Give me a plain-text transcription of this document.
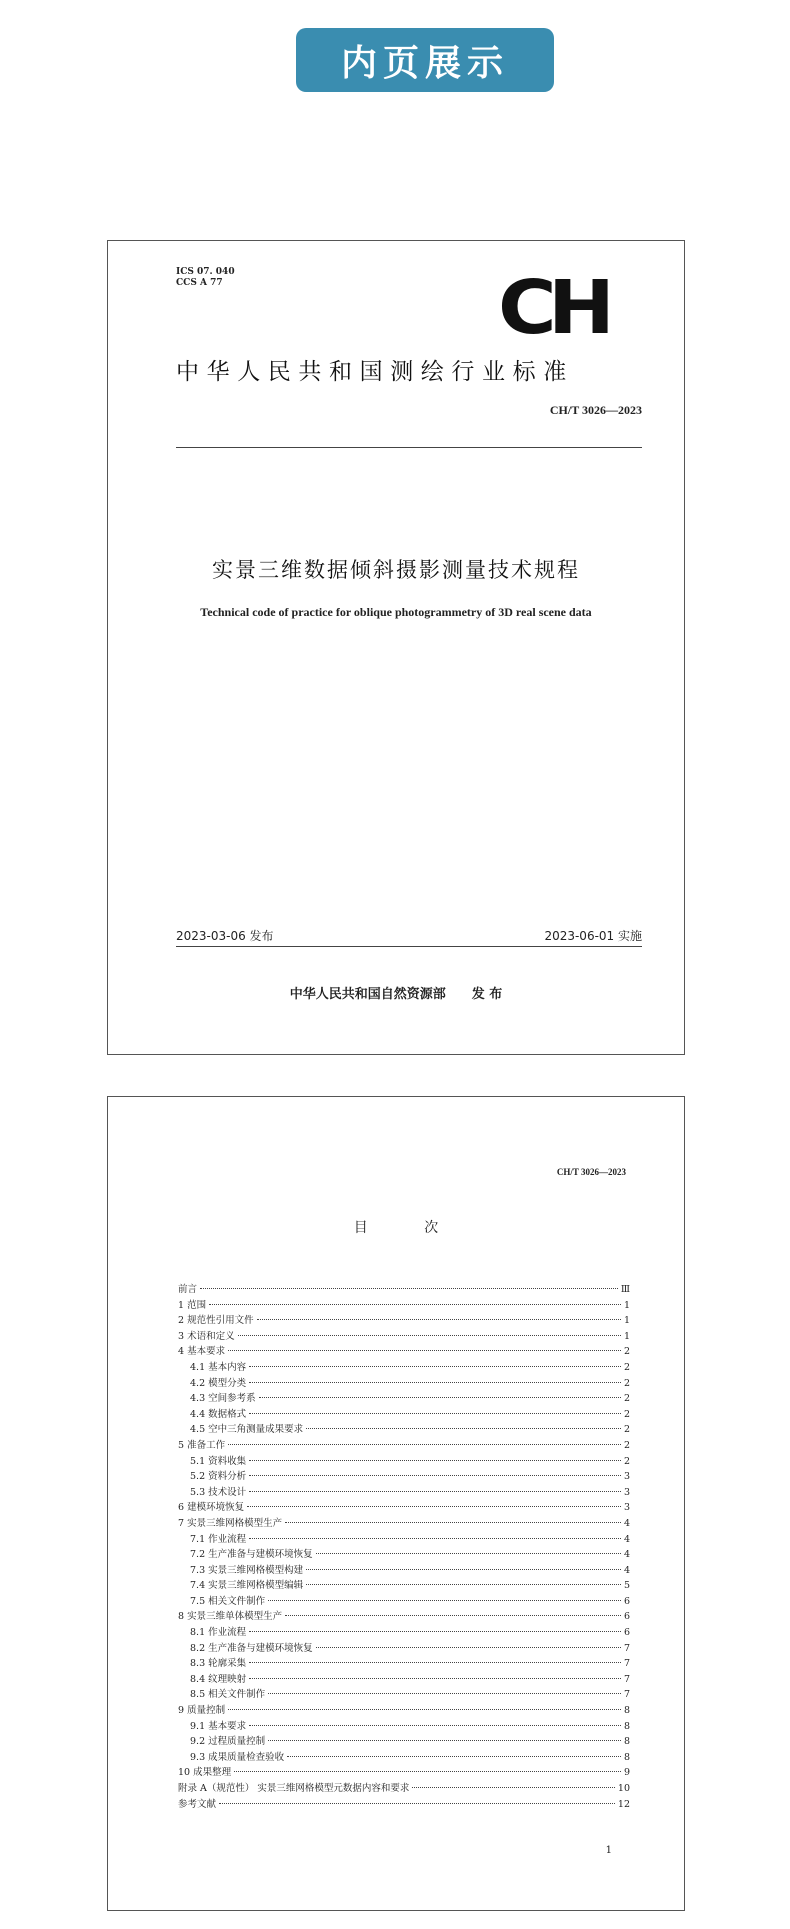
内页展示
ICS 07. 040
CCS A 77	CH
中华人民共和国测绘行业标准
CH/T 3026—2023
实景三维数据倾斜摄影测量技术规程
Technical code of practice for oblique photogrammetry of 3D real scene data
2023-03-06 发布	2023-06-01 实施
中华人民共和国自然资源部 发 布
CH/T 3026—2023
目 次
前言	Ⅲ
1 范围	1
2 规范性引用文件	1
3 术语和定义	1
4 基本要求	2
4.1 基本内容	2
4.2 模型分类	2
4.3 空间参考系	2
4.4 数据格式	2
4.5 空中三角测量成果要求	2
5 准备工作	2
5.1 资料收集	2
5.2 资料分析	3
5.3 技术设计	3
6 建模环境恢复	3
7 实景三维网格模型生产	4
7.1 作业流程	4
7.2 生产准备与建模环境恢复	4
7.3 实景三维网格模型构建	4
7.4 实景三维网格模型编辑	5
7.5 相关文件制作	6
8 实景三维单体模型生产	6
8.1 作业流程	6
8.2 生产准备与建模环境恢复	7
8.3 轮廓采集	7
8.4 纹理映射	7
8.5 相关文件制作	7
9 质量控制	8
9.1 基本要求	8
9.2 过程质量控制	8
9.3 成果质量检查验收	8
10 成果整理	9
附录 A（规范性） 实景三维网格模型元数据内容和要求	10
参考文献	12
1
